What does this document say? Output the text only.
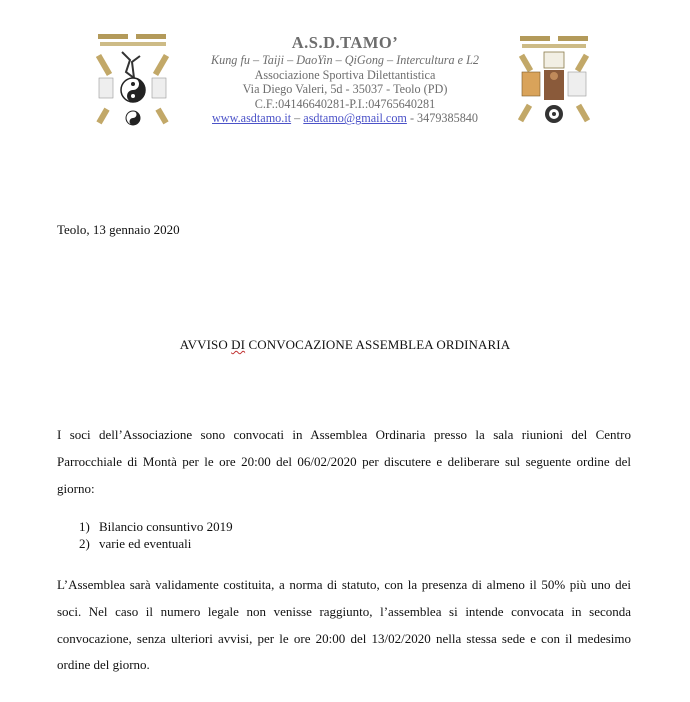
A.S.D.TAMO’
Kung fu – Taiji – DaoYin – QiGong – Intercultura e L2
Associazione Sportiva Dilettantistica
Via Diego Valeri, 5d - 35037 - Teolo (PD)
C.F.:04146640281-P.I.:04765640281
www.asdtamo.it – asdtamo@gmail.com - 3479385840
Teolo, 13 gennaio 2020
AVVISO DI CONVOCAZIONE ASSEMBLEA ORDINARIA

I soci dell’Associazione sono convocati in Assemblea Ordinaria presso la sala riunioni del Centro Parrocchiale di Montà per le ore 20:00 del 06/02/2020 per discutere e deliberare sul seguente ordine del giorno:

1) Bilancio consuntivo 2019
2) varie ed eventuali

L’Assemblea sarà validamente costituita, a norma di statuto, con la presenza di almeno il 50% più uno dei soci. Nel caso il numero legale non venisse raggiunto, l’assemblea si intende convocata in seconda convocazione, senza ulteriori avvisi, per le ore 20:00 del 13/02/2020 nella stessa sede e con il medesimo ordine del giorno.
